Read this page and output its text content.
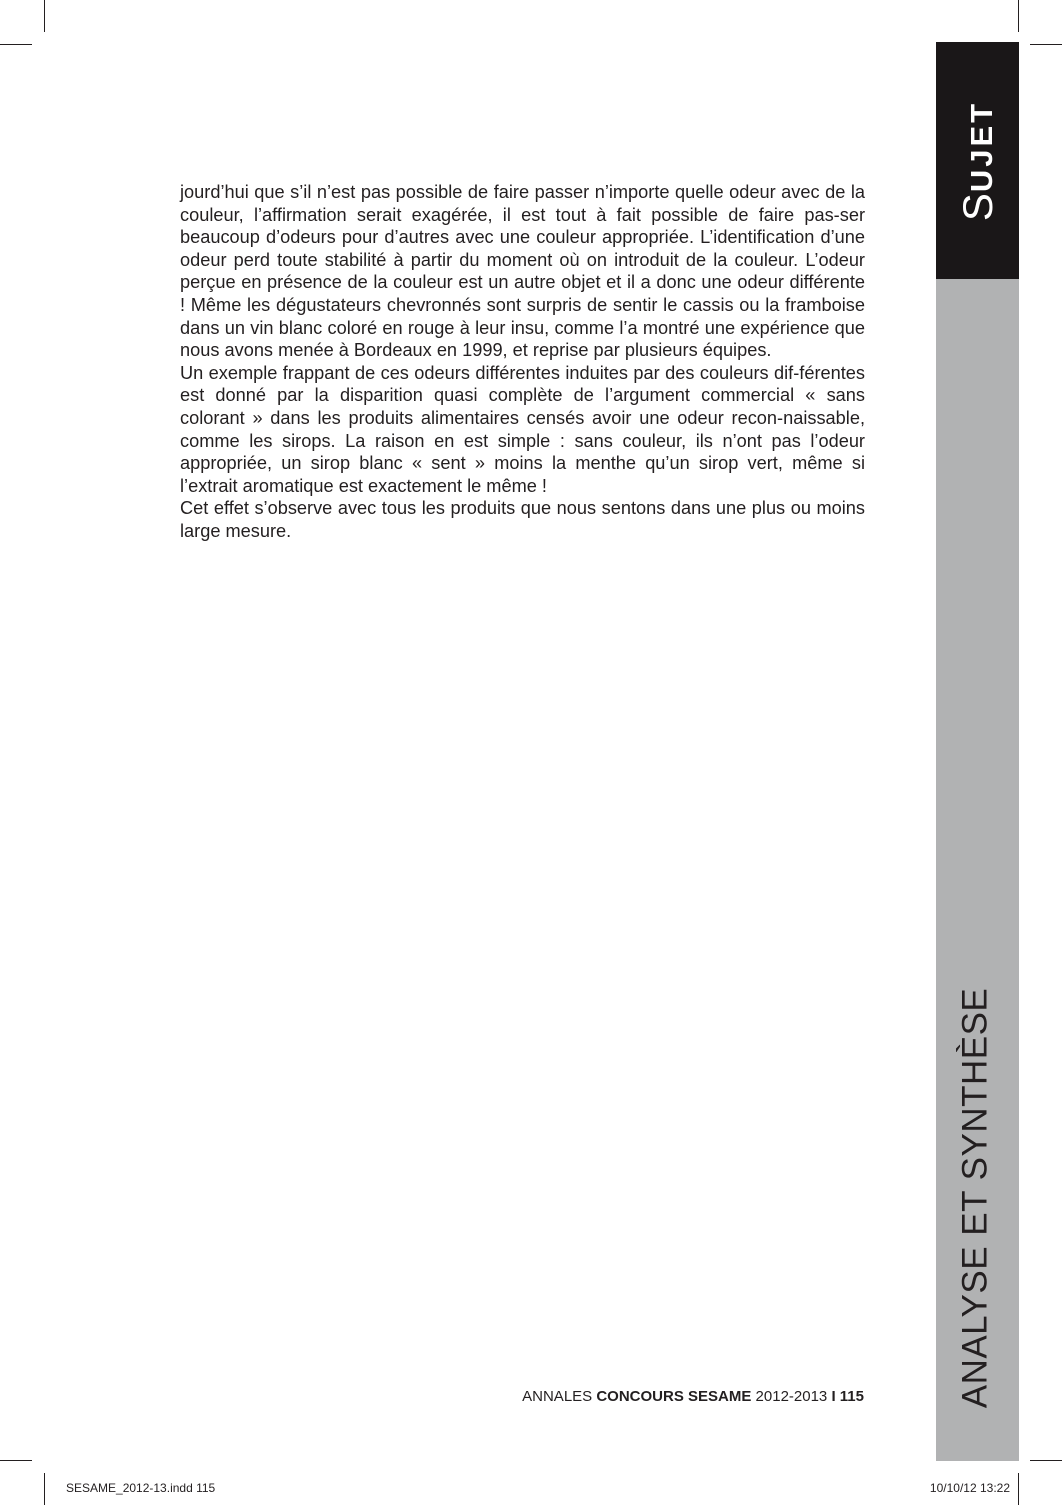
jourd’hui que s’il n’est pas possible de faire passer n’importe quelle odeur avec de la couleur, l’affirmation serait exagérée, il est tout à fait possible de faire pas-​ser beaucoup d’odeurs pour d’autres avec une couleur appropriée. L’identification d’une odeur perd toute stabilité à partir du moment où on introduit de la couleur. L’odeur perçue en présence de la couleur est un autre objet et il a donc une odeur différente ! Même les dégustateurs chevronnés sont surpris de sentir le cassis ou la framboise dans un vin blanc coloré en rouge à leur insu, comme l’a montré une expérience que nous avons menée à Bordeaux en 1999, et reprise par plusieurs équipes.

Un exemple frappant de ces odeurs différentes induites par des couleurs dif-​férentes est donné par la disparition quasi complète de l’argument commercial « sans colorant » dans les produits alimentaires censés avoir une odeur recon-​naissable, comme les sirops. La raison en est simple : sans couleur, ils n’ont pas l’odeur appropriée, un sirop blanc « sent » moins la menthe qu’un sirop vert, même si l’extrait aromatique est exactement le même !

Cet effet s’observe avec tous les produits que nous sentons dans une plus ou moins large mesure.

SUJET
ANALYSE ET SYNTHÈSE
ANNALES CONCOURS SESAME 2012-2013 I 115
SESAME_2012-13.indd 115	10/10/12 13:22
